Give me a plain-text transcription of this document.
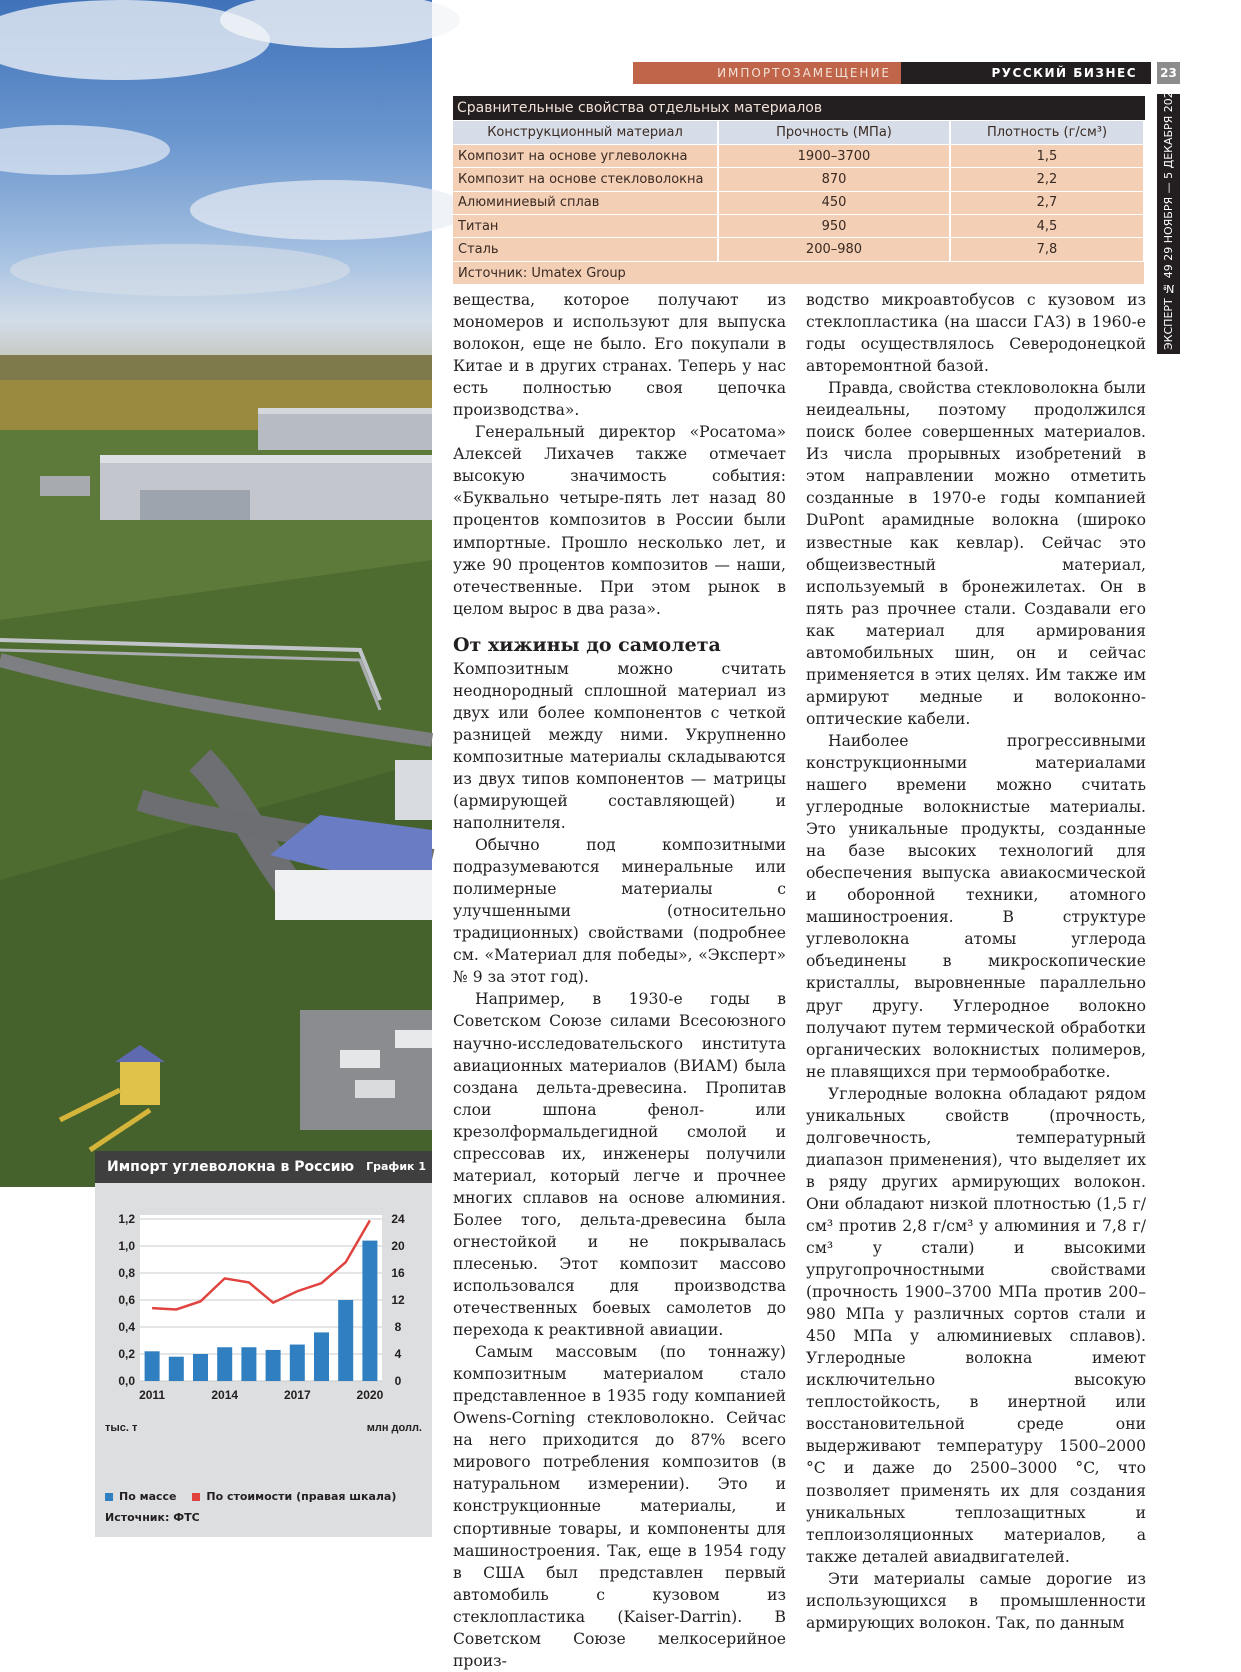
ИМПОРТОЗАМЕЩЕНИЕ	РУССКИЙ БИЗНЕС	23
ЭКСПЕРТ № 49 29 НОЯБРЯ — 5 ДЕКАБРЯ 2021
Сравнительные свойства отдельных материалов
Конструкционный материал	Прочность (МПа)	Плотность (г/см³)
Композит на основе углеволокна	1900–3700	1,5
Композит на основе стекловолокна	870	2,2
Алюминиевый сплав	450	2,7
Титан	950	4,5
Сталь	200–980	7,8
Источник: Umatex Group		

вещества, которое получают из мономеров и используют для выпуска волокон, еще не было. Его покупали в Китае и в других странах. Теперь у нас есть полностью своя цепочка производства».

Генеральный директор «Росатома» Алексей Лихачев также отмечает высокую значимость события: «Буквально четыре-пять лет назад 80 процентов композитов в России были импортные. Прошло несколько лет, и уже 90 процентов композитов — наши, отечественные. При этом рынок в целом вырос в два раза».

От хижины до самолета

Композитным можно считать неоднородный сплошной материал из двух или более компонентов с четкой разницей между ними. Укрупненно композитные материалы складываются из двух типов компонентов — матрицы (армирующей составляющей) и наполнителя.

Обычно под композитными подразумеваются минеральные или полимерные материалы с улучшенными (относительно традиционных) свойствами (подробнее см. «Материал для победы», «Эксперт» № 9 за этот год).

Например, в 1930-е годы в Советском Союзе силами Всесоюзного научно-исследовательского института авиационных материалов (ВИАМ) была создана дельта-древесина. Пропитав слои шпона фенол- или крезолформальдегидной смолой и спрессовав их, инженеры получили материал, который легче и прочнее многих сплавов на основе алюминия. Более того, дельта-древесина была огнестойкой и не покрывалась плесенью. Этот композит массово использовался для производства отечественных боевых самолетов до перехода к реактивной авиации.

Самым массовым (по тоннажу) композитным материалом стало представленное в 1935 году компанией Owens-Corning стекловолокно. Сейчас на него приходится до 87% всего мирового потребления композитов (в натуральном измерении). Это и конструкционные материалы, и спортивные товары, и компоненты для машиностроения. Так, еще в 1954 году в США был представлен первый автомобиль с кузовом из стеклопластика (Kaiser-Darrin). В Советском Союзе мелкосерийное произ-

водство микроавтобусов с кузовом из стеклопластика (на шасси ГАЗ) в 1960-е годы осуществлялось Северодонецкой авторемонтной базой.

Правда, свойства стекловолокна были неидеальны, поэтому продолжился поиск более совершенных материалов. Из числа прорывных изобретений в этом направлении можно отметить созданные в 1970-е годы компанией DuPont арамидные волокна (широко известные как кевлар). Сейчас это общеизвестный материал, используемый в бронежилетах. Он в пять раз прочнее стали. Создавали его как материал для армирования автомобильных шин, он и сейчас применяется в этих целях. Им также им армируют медные и волоконно-оптические кабели.

Наиболее прогрессивными конструкционными материалами нашего времени можно считать углеродные волокнистые материалы. Это уникальные продукты, созданные на базе высоких технологий для обеспечения выпуска авиакосмической и оборонной техники, атомного машиностроения. В структуре углеволокна атомы углерода объединены в микроскопические кристаллы, выровненные параллельно друг другу. Углеродное волокно получают путем термической обработки органических волокнистых полимеров, не плавящихся при термообработке.

Углеродные волокна обладают рядом уникальных свойств (прочность, долговечность, температурный диапазон применения), что выделяет их в ряду других армирующих волокон. Они обладают низкой плотностью (1,5 г/см³ против 2,8 г/см³ у алюминия и 7,8 г/см³ у стали) и высокими упругопрочностными свойствами (прочность 1900–3700 МПа против 200–980 МПа у различных сортов стали и 450 МПа у алюминиевых сплавов). Углеродные волокна имеют исключительно высокую теплостойкость, в инертной или восстановительной среде они выдерживают температуру 1500–2000 °C и даже до 2500–3000 °C, что позволяет применять их для создания уникальных теплозащитных и теплоизоляционных материалов, а также деталей авиадвигателей.

Эти материалы самые дорогие из использующихся в промышленности армирующих волокон. Так, по данным

Импорт углеволокна в Россию График 1
0,0	0
0,2	4
0,4	8
0,6	12
0,8	16
1,0	20
1,2	24
2011	2014	2017	2020
тыс. т	млн долл.
По массе	По стоимости (правая шкала)
Источник: ФТС
